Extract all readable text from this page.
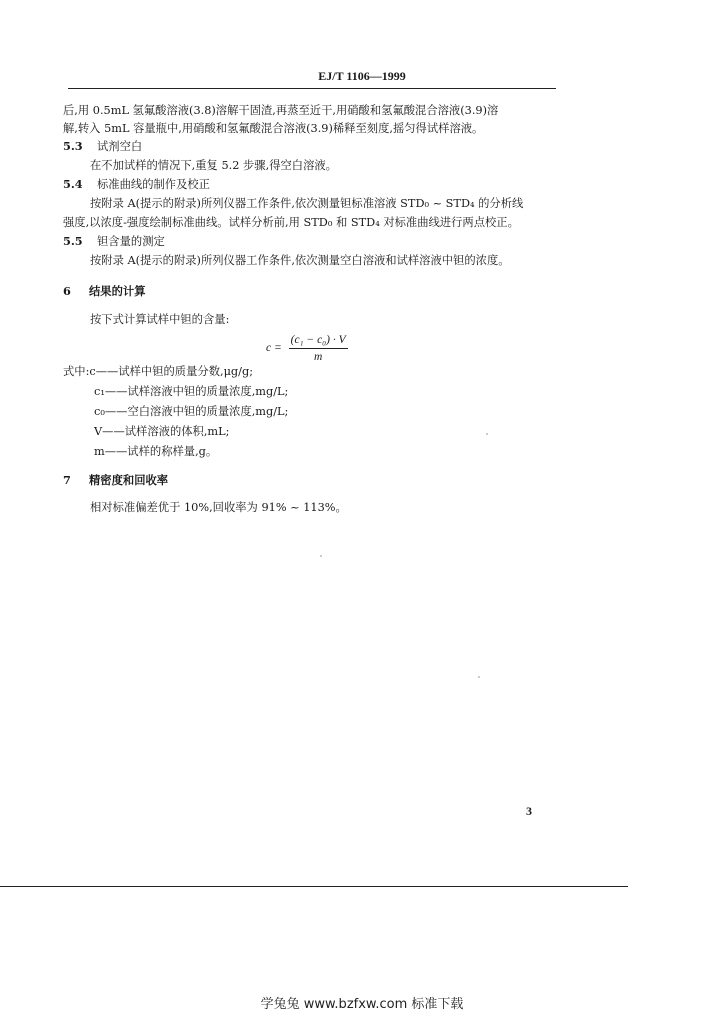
EJ/T 1106—1999
后,用 0.5mL 氢氟酸溶液(3.8)溶解干固渣,再蒸至近干,用硝酸和氢氟酸混合溶液(3.9)溶
解,转入 5mL 容量瓶中,用硝酸和氢氟酸混合溶液(3.9)稀释至刻度,摇匀得试样溶液。
5.3 试剂空白
在不加试样的情况下,重复 5.2 步骤,得空白溶液。
5.4 标准曲线的制作及校正
按附录 A(提示的附录)所列仪器工作条件,依次测量钽标准溶液 STD₀ ~ STD₄ 的分析线
强度,以浓度-强度绘制标准曲线。试样分析前,用 STD₀ 和 STD₄ 对标准曲线进行两点校正。
5.5 钽含量的测定
按附录 A(提示的附录)所列仪器工作条件,依次测量空白溶液和试样溶液中钽的浓度。
6 结果的计算
按下式计算试样中钽的含量:
$c = \frac{\text{(c₁ − c₀) · V}}{m}$
式中:c——试样中钽的质量分数,μg/g;
c₁——试样溶液中钽的质量浓度,mg/L;
c₀——空白溶液中钽的质量浓度,mg/L;
V——试样溶液的体积,mL;
m——试样的称样量,g。
7 精密度和回收率
相对标准偏差优于 10%,回收率为 91% ~ 113%。
3
学兔兔 www.bzfxw.com 标准下载
